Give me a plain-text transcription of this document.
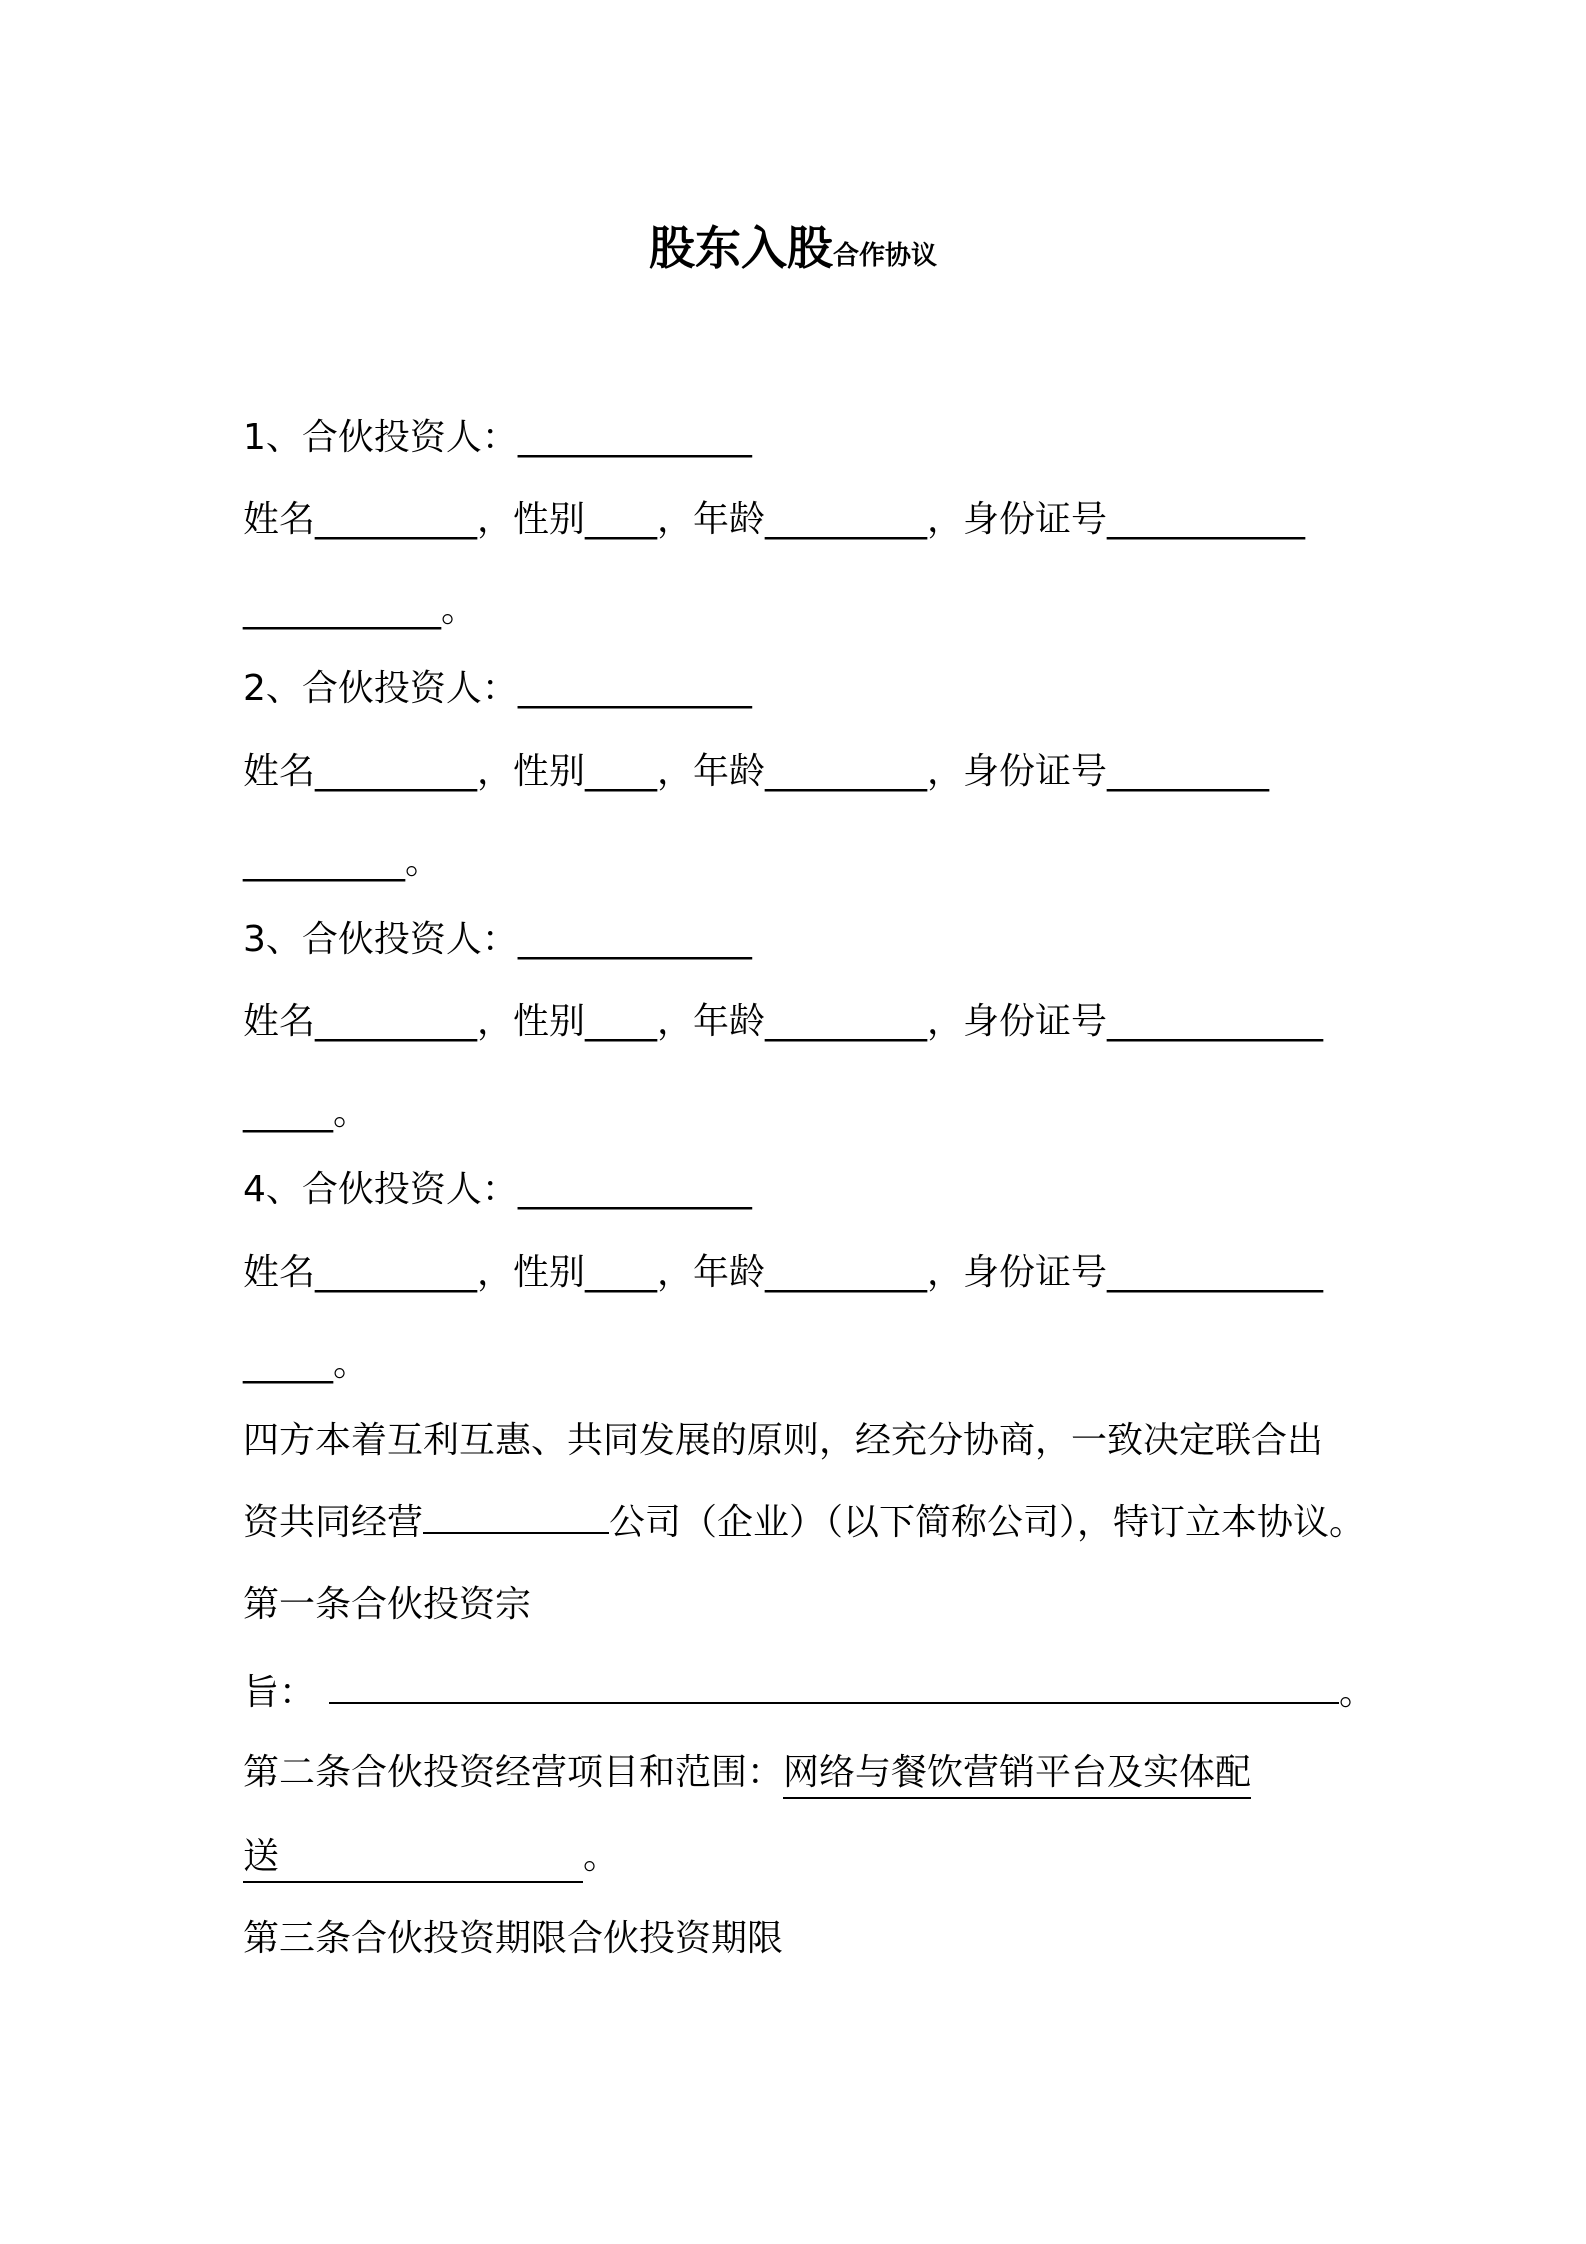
股东入股合作协议
1、合伙投资人：_____________
姓名_________，性别____，年龄_________，身份证号___________
___________。
2、合伙投资人：_____________
姓名_________，性别____，年龄_________，身份证号_________
_________。
3、合伙投资人：_____________
姓名_________，性别____，年龄_________，身份证号____________
_____。
4、合伙投资人：_____________
姓名_________，性别____，年龄_________，身份证号____________
_____。
四方本着互利互惠、共同发展的原则，经充分协商，一致决定联合出
资共同经营	公司（企业）（以下简称公司），特订立本协议。
第一条合伙投资宗
旨：	。
第二条合伙投资经营项目和范围：网络与餐饮营销平台及实体配
送	。
第三条合伙投资期限合伙投资期限
